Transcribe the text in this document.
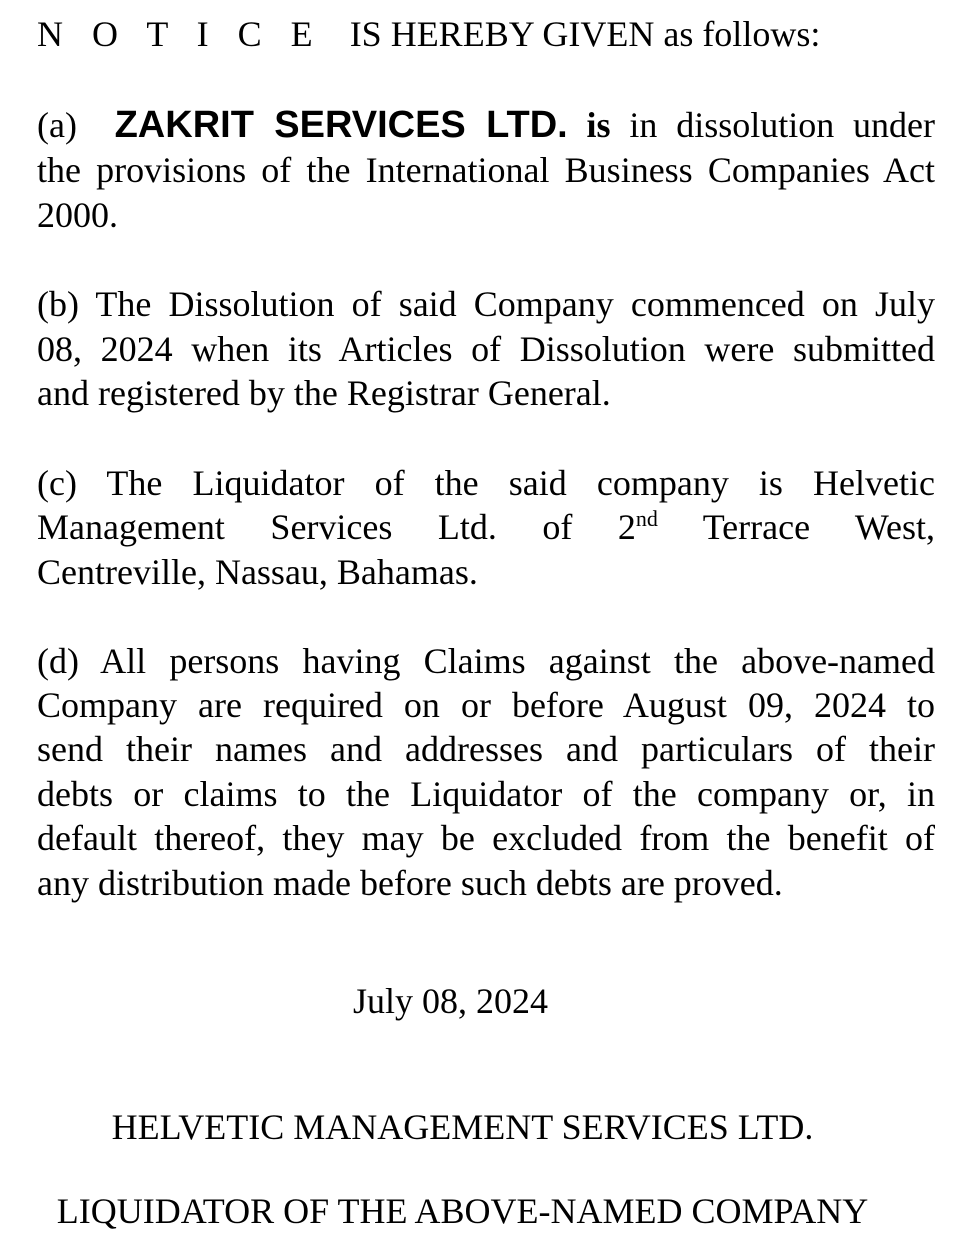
N O T I C E IS HEREBY GIVEN as follows:
(a) ZAKRIT SERVICES LTD. is in dissolution under
the provisions of the International Business Companies Act
2000.
(b) The Dissolution of said Company commenced on July
08, 2024 when its Articles of Dissolution were submitted
and registered by the Registrar General.
(c) The Liquidator of the said company is Helvetic
Management Services Ltd. of 2nd Terrace West,
Centreville, Nassau, Bahamas.
(d) All persons having Claims against the above-named
Company are required on or before August 09, 2024 to
send their names and addresses and particulars of their
debts or claims to the Liquidator of the company or, in
default thereof, they may be excluded from the benefit of
any distribution made before such debts are proved.
July 08, 2024
HELVETIC MANAGEMENT SERVICES LTD.
LIQUIDATOR OF THE ABOVE-NAMED COMPANY
